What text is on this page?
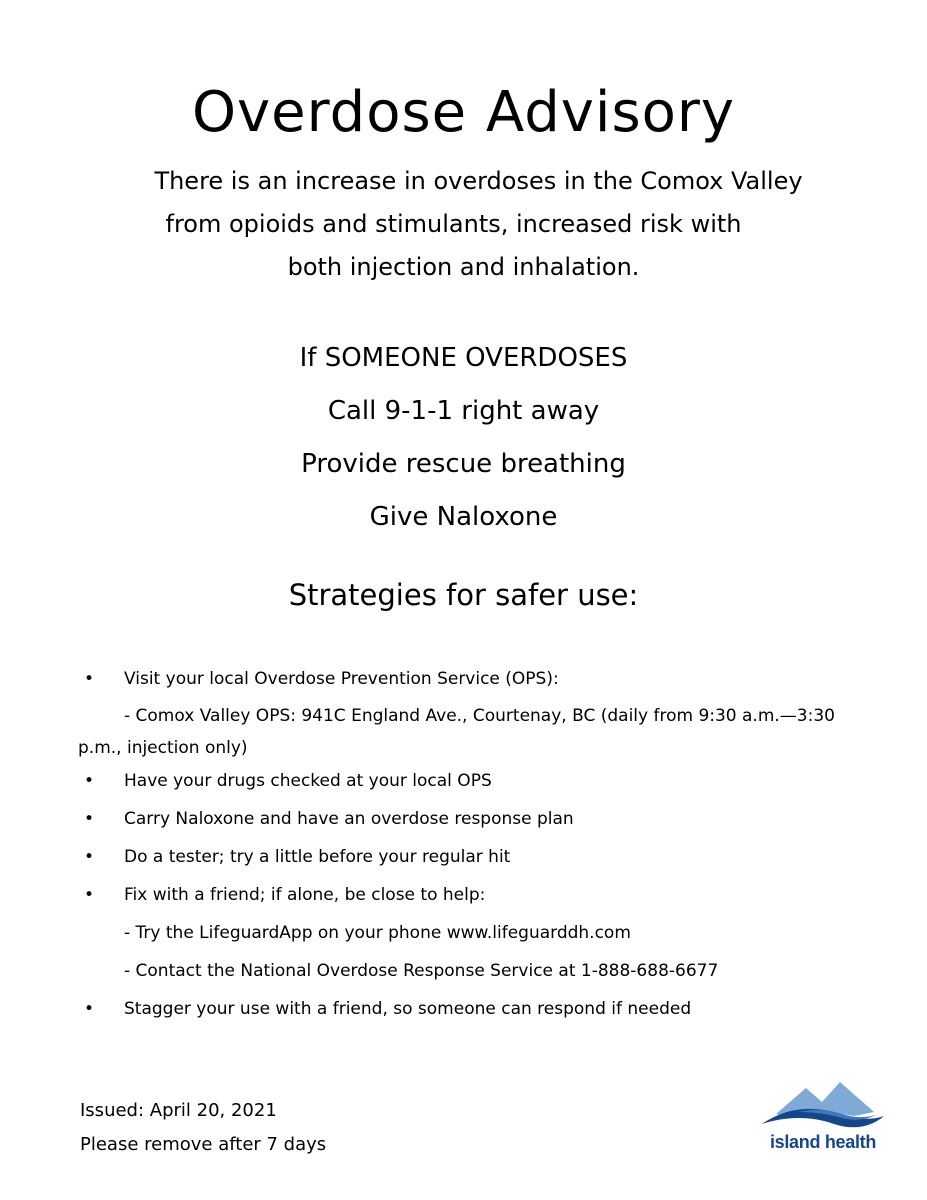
Overdose Advisory
There is an increase in overdoses in the Comox Valley
from opioids and stimulants, increased risk with
both injection and inhalation.
If SOMEONE OVERDOSES
Call 9-1-1 right away
Provide rescue breathing
Give Naloxone
Strategies for safer use:
• Visit your local Overdose Prevention Service (OPS):
- Comox Valley OPS: 941C England Ave., Courtenay, BC (daily from 9:30 a.m.—3:30
p.m., injection only)
• Have your drugs checked at your local OPS
• Carry Naloxone and have an overdose response plan
• Do a tester; try a little before your regular hit
• Fix with a friend; if alone, be close to help:
- Try the LifeguardApp on your phone www.lifeguarddh.com
- Contact the National Overdose Response Service at 1-888-688-6677
• Stagger your use with a friend, so someone can respond if needed
Issued: April 20, 2021
Please remove after 7 days	island health
